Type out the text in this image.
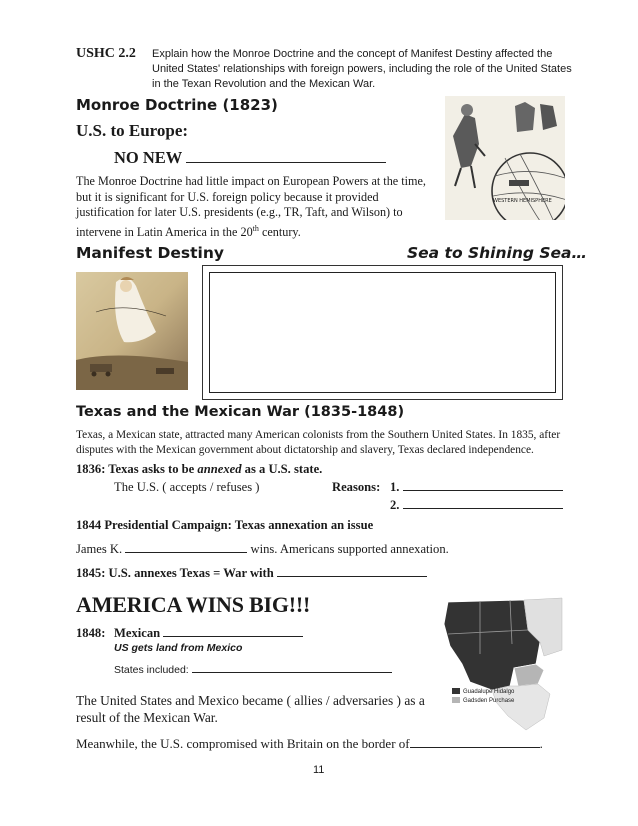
USHC 2.2 Explain how the Monroe Doctrine and the concept of Manifest Destiny affected the United States' relationships with foreign powers, including the role of the United States in the Texan Revolution and the Mexican War.
Monroe Doctrine (1823)
U.S. to Europe:
NO NEW
The Monroe Doctrine had little impact on European Powers at the time, but it is significant for U.S. foreign policy because it provided justification for later U.S. presidents (e.g., TR, Taft, and Wilson) to intervene in Latin America in the 20th century.
WESTERN HEMISPHERE
Manifest Destiny	Sea to Shining Sea…
Texas and the Mexican War (1835-1848)
Texas, a Mexican state, attracted many American colonists from the Southern United States. In 1835, after disputes with the Mexican government about dictatorship and slavery, Texas declared independence.
1836: Texas asks to be annexed as a U.S. state.
The U.S. ( accepts / refuses )	Reasons: 1.
2.
1844 Presidential Campaign: Texas annexation an issue
James K.	wins. Americans supported annexation.
1845: U.S. annexes Texas = War with
AMERICA WINS BIG!!!
1848: Mexican
US gets land from Mexico
States included:
The United States and Mexico became ( allies / adversaries ) as a result of the Mexican War.
Meanwhile, the U.S. compromised with Britain on the border of	.
Guadalupe Hidalgo
Gadsden Purchase
11
